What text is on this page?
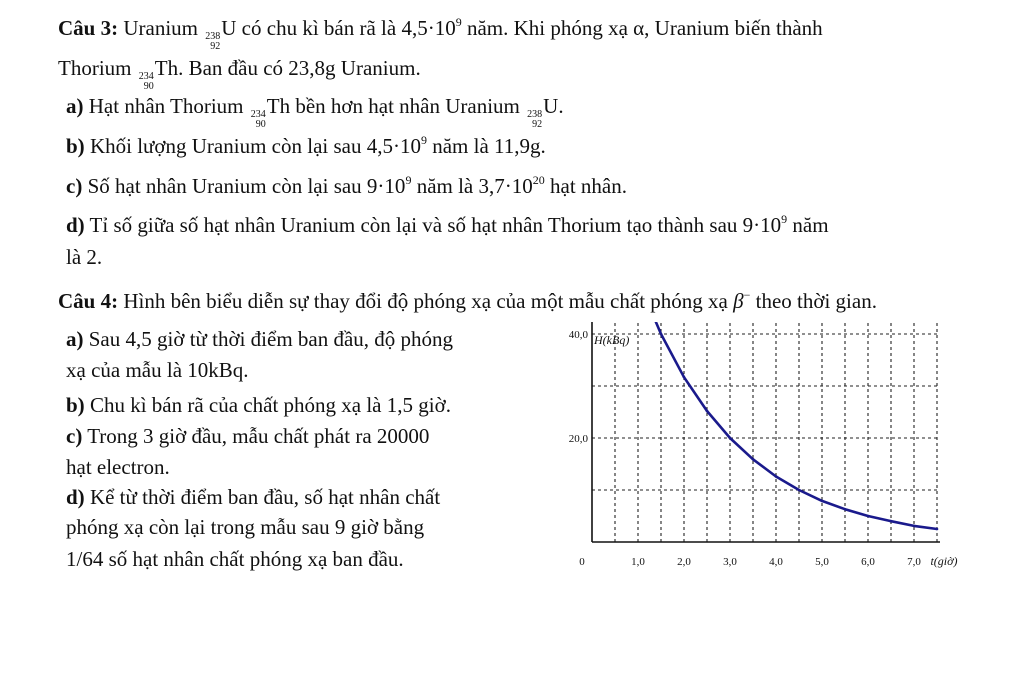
Câu 3: Uranium 238
92
U có chu kì bán rã là $4,5\cdot 10^9$ năm. Khi phóng xạ α, Uranium biến thành
Thorium 234
90
Th. Ban đầu có 23,8g Uranium.
a) Hạt nhân Thorium 234
90
Th bền hơn hạt nhân Uranium 238
92
U.
b) Khối lượng Uranium còn lại sau $4,5\cdot 10^9$ năm là 11,9g.
c) Số hạt nhân Uranium còn lại sau $9\cdot 10^9$ năm là $3,7\cdot 10^{20}$ hạt nhân.
d) Tỉ số giữa số hạt nhân Uranium còn lại và số hạt nhân Thorium tạo thành sau $9\cdot 10^9$ năm
là 2.
Câu 4: Hình bên biểu diễn sự thay đổi độ phóng xạ của một mẫu chất phóng xạ β− theo thời gian.
a) Sau 4,5 giờ từ thời điểm ban đầu, độ phóng
xạ của mẫu là 10kBq.
b) Chu kì bán rã của chất phóng xạ là 1,5 giờ.
c) Trong 3 giờ đầu, mẫu chất phát ra 20000
hạt electron.
d) Kể từ thời điểm ban đầu, số hạt nhân chất
phóng xạ còn lại trong mẫu sau 9 giờ bằng
1/64 số hạt nhân chất phóng xạ ban đầu.	0	1,0	2,0	3,0	4,0	5,0	6,0	7,0
20,0
40,0 H(kBq)
t(giờ)
